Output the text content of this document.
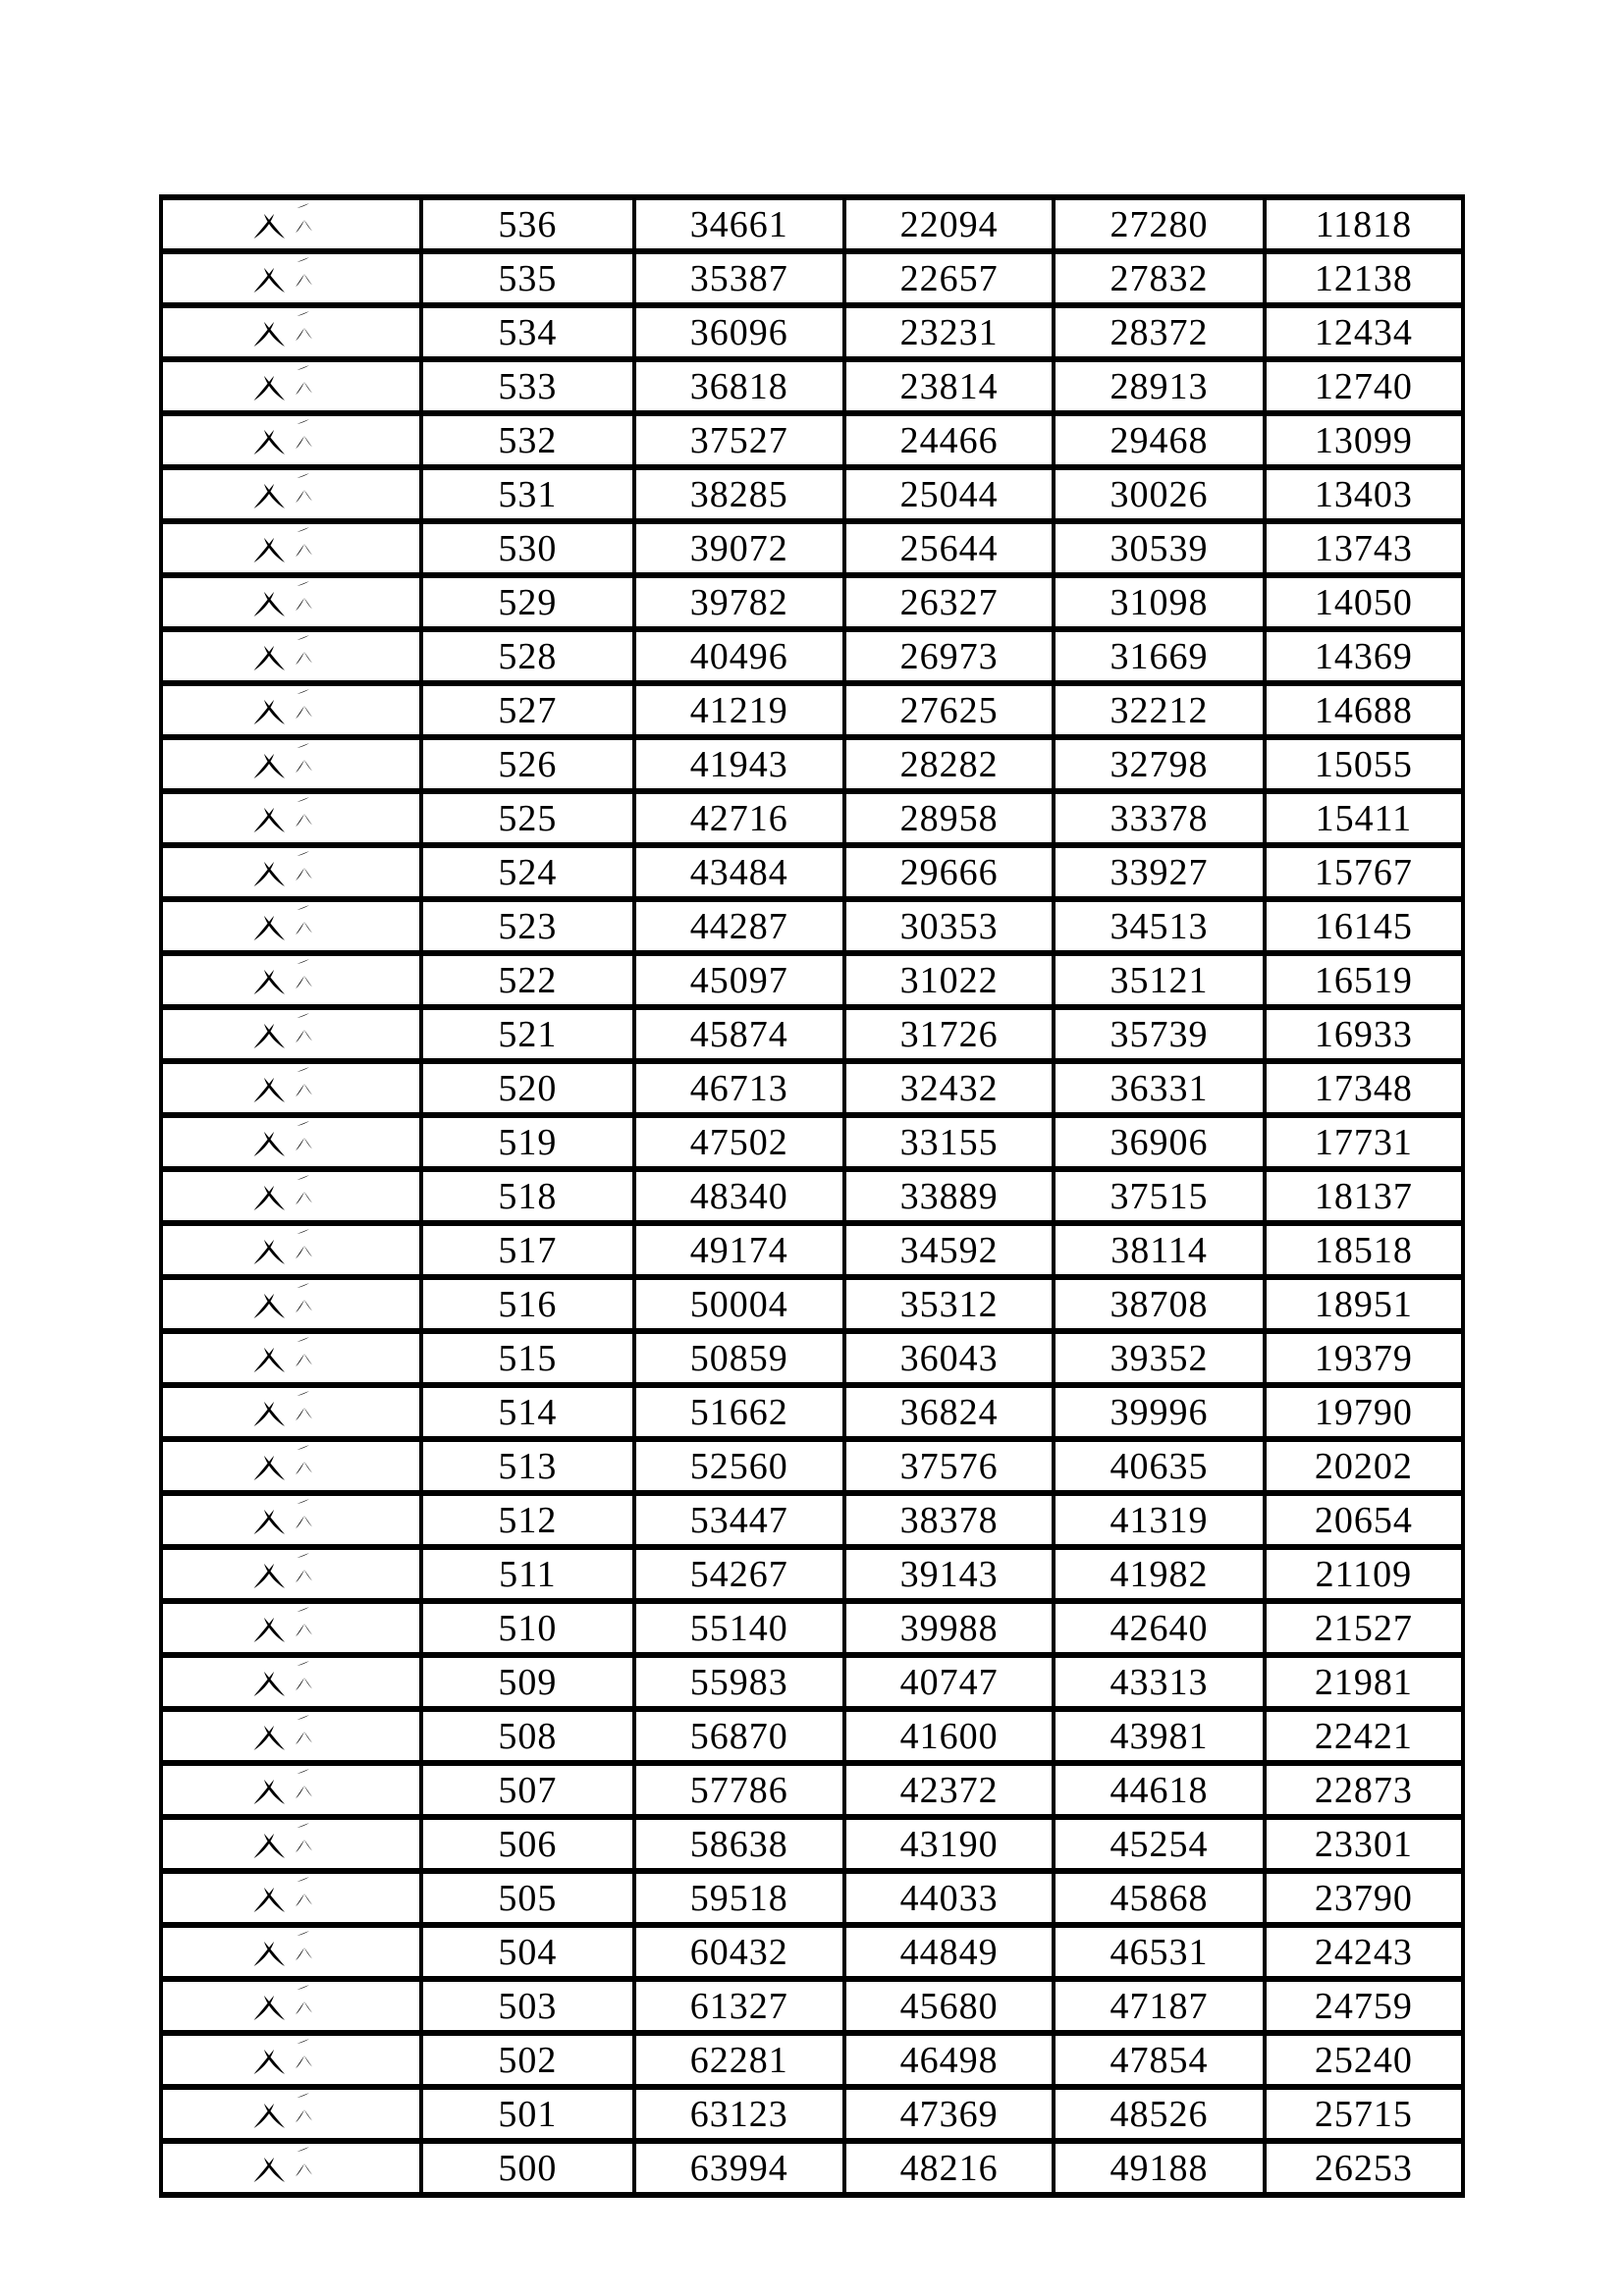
	536	34661	22094	27280	11818

	535	35387	22657	27832	12138

	534	36096	23231	28372	12434

	533	36818	23814	28913	12740

	532	37527	24466	29468	13099

	531	38285	25044	30026	13403

	530	39072	25644	30539	13743

	529	39782	26327	31098	14050

	528	40496	26973	31669	14369

	527	41219	27625	32212	14688

	526	41943	28282	32798	15055

	525	42716	28958	33378	15411

	524	43484	29666	33927	15767

	523	44287	30353	34513	16145

	522	45097	31022	35121	16519

	521	45874	31726	35739	16933

	520	46713	32432	36331	17348

	519	47502	33155	36906	17731

	518	48340	33889	37515	18137

	517	49174	34592	38114	18518

	516	50004	35312	38708	18951

	515	50859	36043	39352	19379

	514	51662	36824	39996	19790

	513	52560	37576	40635	20202

	512	53447	38378	41319	20654

	511	54267	39143	41982	21109

	510	55140	39988	42640	21527

	509	55983	40747	43313	21981

	508	56870	41600	43981	22421

	507	57786	42372	44618	22873

	506	58638	43190	45254	23301

	505	59518	44033	45868	23790

	504	60432	44849	46531	24243

	503	61327	45680	47187	24759

	502	62281	46498	47854	25240

	501	63123	47369	48526	25715

	500	63994	48216	49188	26253
